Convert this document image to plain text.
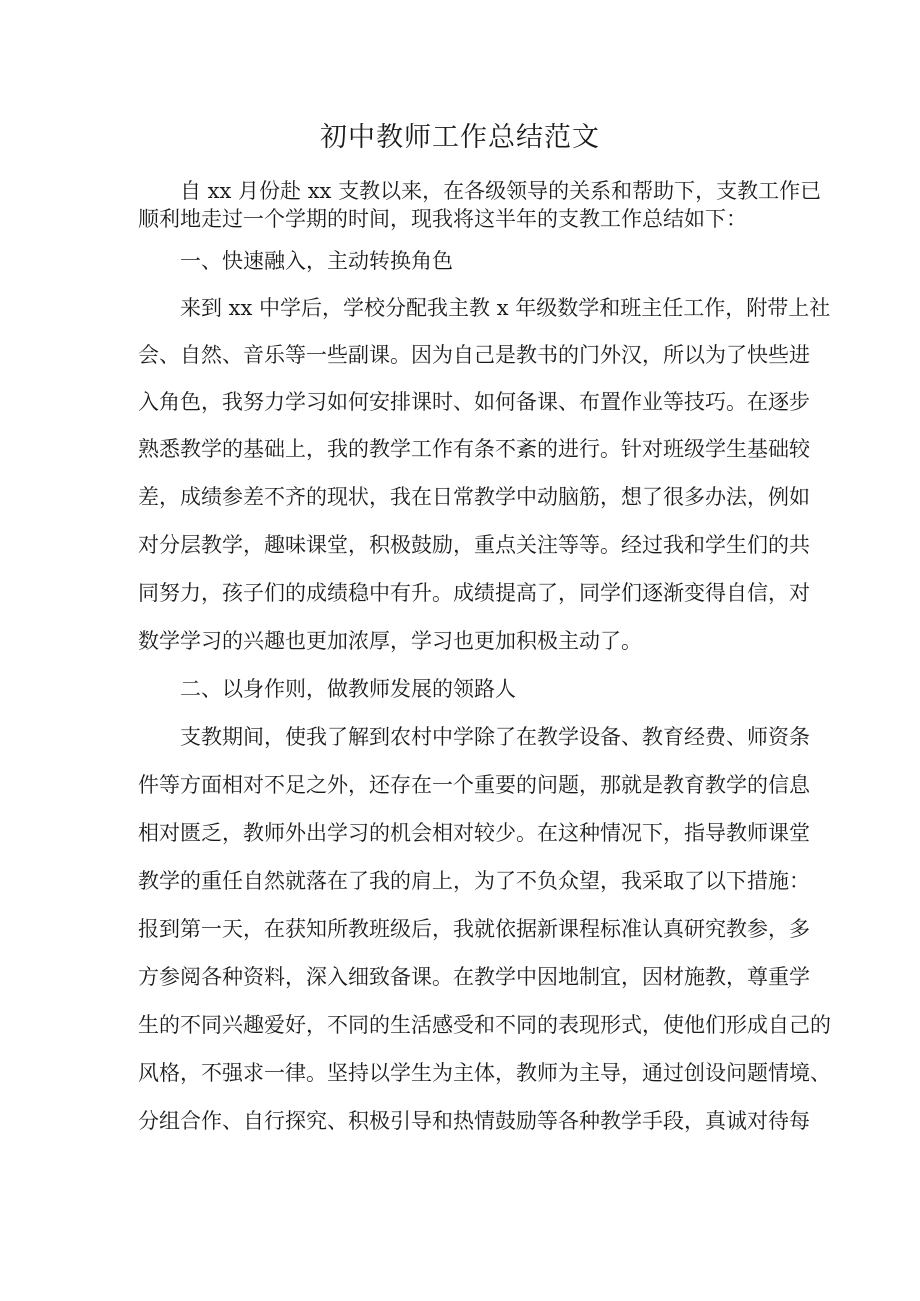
初中教师工作总结范文
自 xx 月份赴 xx 支教以来，在各级领导的关系和帮助下，支教工作已
顺利地走过一个学期的时间，现我将这半年的支教工作总结如下：
一、快速融入，主动转换角色
来到 xx 中学后，学校分配我主教 x 年级数学和班主任工作，附带上社
会、自然、音乐等一些副课。因为自己是教书的门外汉，所以为了快些进
入角色，我努力学习如何安排课时、如何备课、布置作业等技巧。在逐步
熟悉教学的基础上，我的教学工作有条不紊的进行。针对班级学生基础较
差，成绩参差不齐的现状，我在日常教学中动脑筋，想了很多办法，例如
对分层教学，趣味课堂，积极鼓励，重点关注等等。经过我和学生们的共
同努力，孩子们的成绩稳中有升。成绩提高了，同学们逐渐变得自信，对
数学学习的兴趣也更加浓厚，学习也更加积极主动了。
二、以身作则，做教师发展的领路人
支教期间，使我了解到农村中学除了在教学设备、教育经费、师资条
件等方面相对不足之外，还存在一个重要的问题，那就是教育教学的信息
相对匮乏，教师外出学习的机会相对较少。在这种情况下，指导教师课堂
教学的重任自然就落在了我的肩上，为了不负众望，我采取了以下措施：
报到第一天，在获知所教班级后，我就依据新课程标准认真研究教参，多
方参阅各种资料，深入细致备课。在教学中因地制宜，因材施教，尊重学
生的不同兴趣爱好，不同的生活感受和不同的表现形式，使他们形成自己的
风格，不强求一律。坚持以学生为主体，教师为主导，通过创设问题情境、
分组合作、自行探究、积极引导和热情鼓励等各种教学手段，真诚对待每
